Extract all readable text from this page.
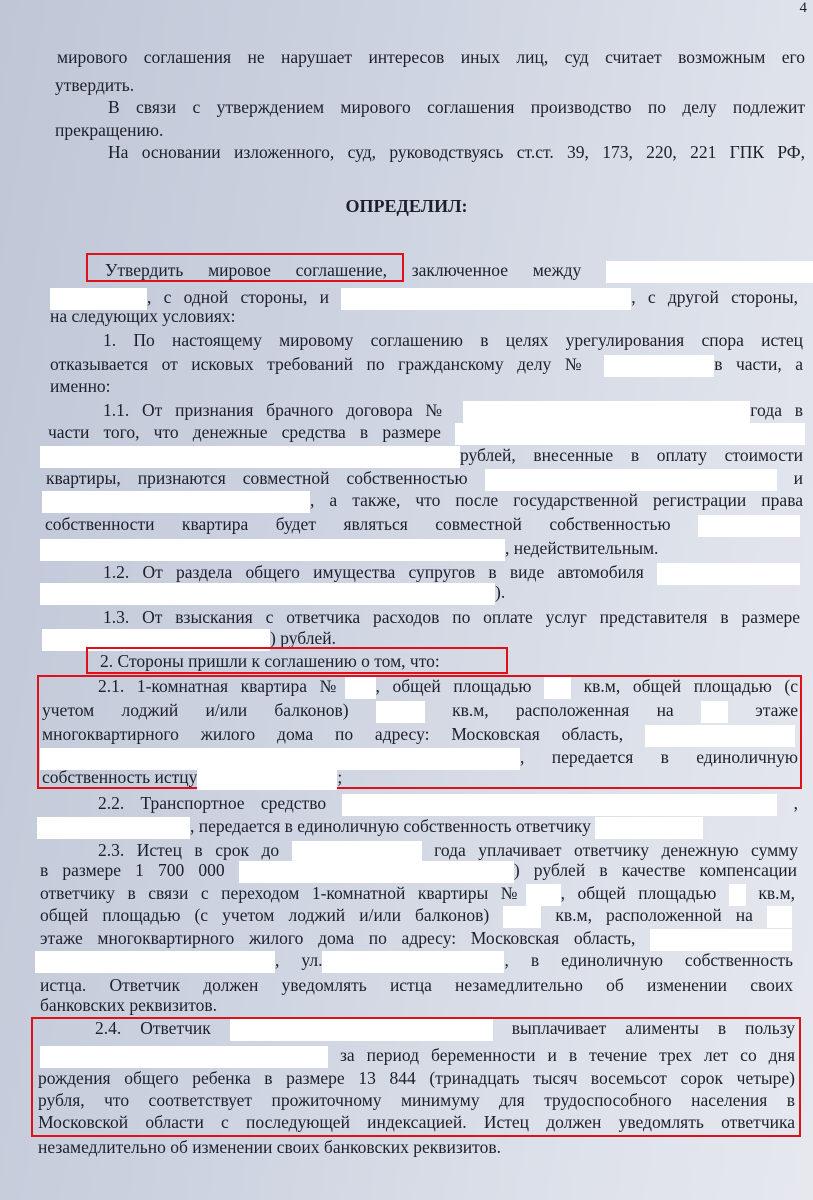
4
мирового соглашения не нарушает интересов иных лиц, суд считает возможным его
утвердить.
В связи с утверждением мирового соглашения производство по делу подлежит
прекращению.
На основании изложенного, суд, руководствуясь ст.ст. 39, 173, 220, 221 ГПК РФ,
ОПРЕДЕЛИЛ:
Утвердить мировое соглашение, заключенное между
, с одной стороны, и	, с другой стороны,
на следующих условиях:
1. По настоящему мировому соглашению в целях урегулирования спора истец
отказывается от исковых требований по гражданскому делу №	в части, а
именно:
1.1. От признания брачного договора №	года в
части того, что денежные средства в размере
рублей, внесенные в оплату стоимости
квартиры, признаются совместной собственностью	и
, а также, что после государственной регистрации права
собственности квартира будет являться совместной собственностью
, недействительным.
1.2. От раздела общего имущества супругов в виде автомобиля
).
1.3. От взыскания с ответчика расходов по оплате услуг представителя в размере
) рублей.
2. Стороны пришли к соглашению о том, что:
2.1. 1-комнатная квартира № , общей площадью	кв.м, общей площадью (с
учетом лоджий и/или балконов)	кв.м, расположенная на	этаже
многоквартирного жилого дома по адресу: Московская область,
, передается в единоличную
собственность истцу	;
2.2. Транспортное средство	,
, передается в единоличную собственность ответчику
2.3. Истец в срок до	года уплачивает ответчику денежную сумму
в размере 1 700 000	) рублей в качестве компенсации
ответчику в связи с переходом 1-комнатной квартиры № , общей площадью кв.м,
общей площадью (с учетом лоджий и/или балконов)	кв.м, расположенной на
этаже многоквартирного жилого дома по адресу: Московская область,
, ул.	, в единоличную собственность
истца. Ответчик должен уведомлять истца незамедлительно об изменении своих
банковских реквизитов.
2.4. Ответчик	выплачивает алименты в пользу
за период беременности и в течение трех лет со дня
рождения общего ребенка в размере 13 844 (тринадцать тысяч восемьсот сорок четыре)
рубля, что соответствует прожиточному минимуму для трудоспособного населения в
Московской области с последующей индексацией. Истец должен уведомлять ответчика
незамедлительно об изменении своих банковских реквизитов.
